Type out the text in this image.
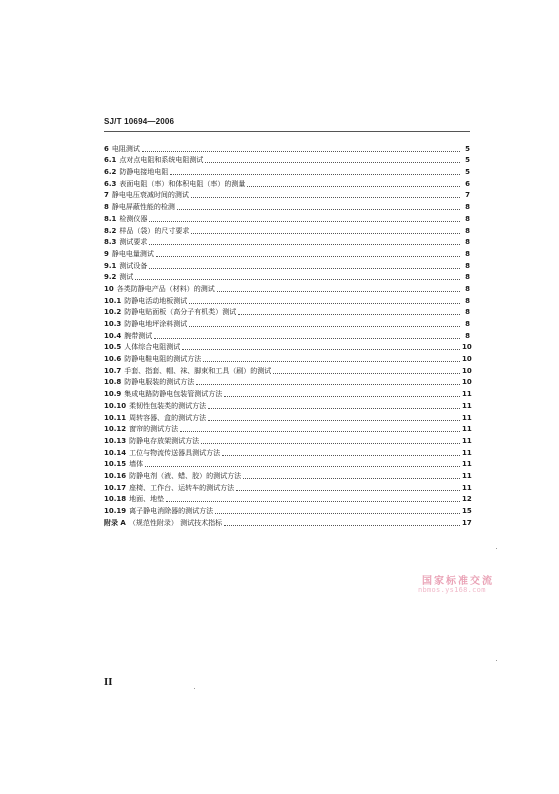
SJ/T 10694—2006
6 电阻测试	5
6.1 点对点电阻和系统电阻测试	5
6.2 防静电接地电阻	5
6.3 表面电阻（率）和体积电阻（率）的测量	6
7 静电电压衰减时间的测试	7
8 静电屏蔽性能的检测	8
8.1 检测仪器	8
8.2 样品（袋）的尺寸要求	8
8.3 测试要求	8
9 静电电量测试	8
9.1 测试设备	8
9.2 测试	8
10 各类防静电产品（材料）的测试	8
10.1 防静电活动地板测试	8
10.2 防静电贴面板（高分子有机类）测试	8
10.3 防静电地坪涂料测试	8
10.4 腕带测试	8
10.5 人体综合电阻测试	10
10.6 防静电鞋电阻的测试方法	10
10.7 手套、指套、帽、袜、脚束和工具（刷）的测试	10
10.8 防静电服装的测试方法	10
10.9 集成电路防静电包装管测试方法	11
10.10 柔韧性包装类的测试方法	11
10.11 周转容器、盒的测试方法	11
10.12 窗帘的测试方法	11
10.13 防静电存放架测试方法	11
10.14 工位与物流传送器具测试方法	11
10.15 墙体	11
10.16 防静电剂（液、蜡、胶）的测试方法	11
10.17 座椅、工作台、运转车的测试方法	11
10.18 地面、地垫	12
10.19 离子静电消除器的测试方法	15
附录 A （规范性附录） 测试技术指标	17
国家标准交流
nbmos.ys168.com
II
